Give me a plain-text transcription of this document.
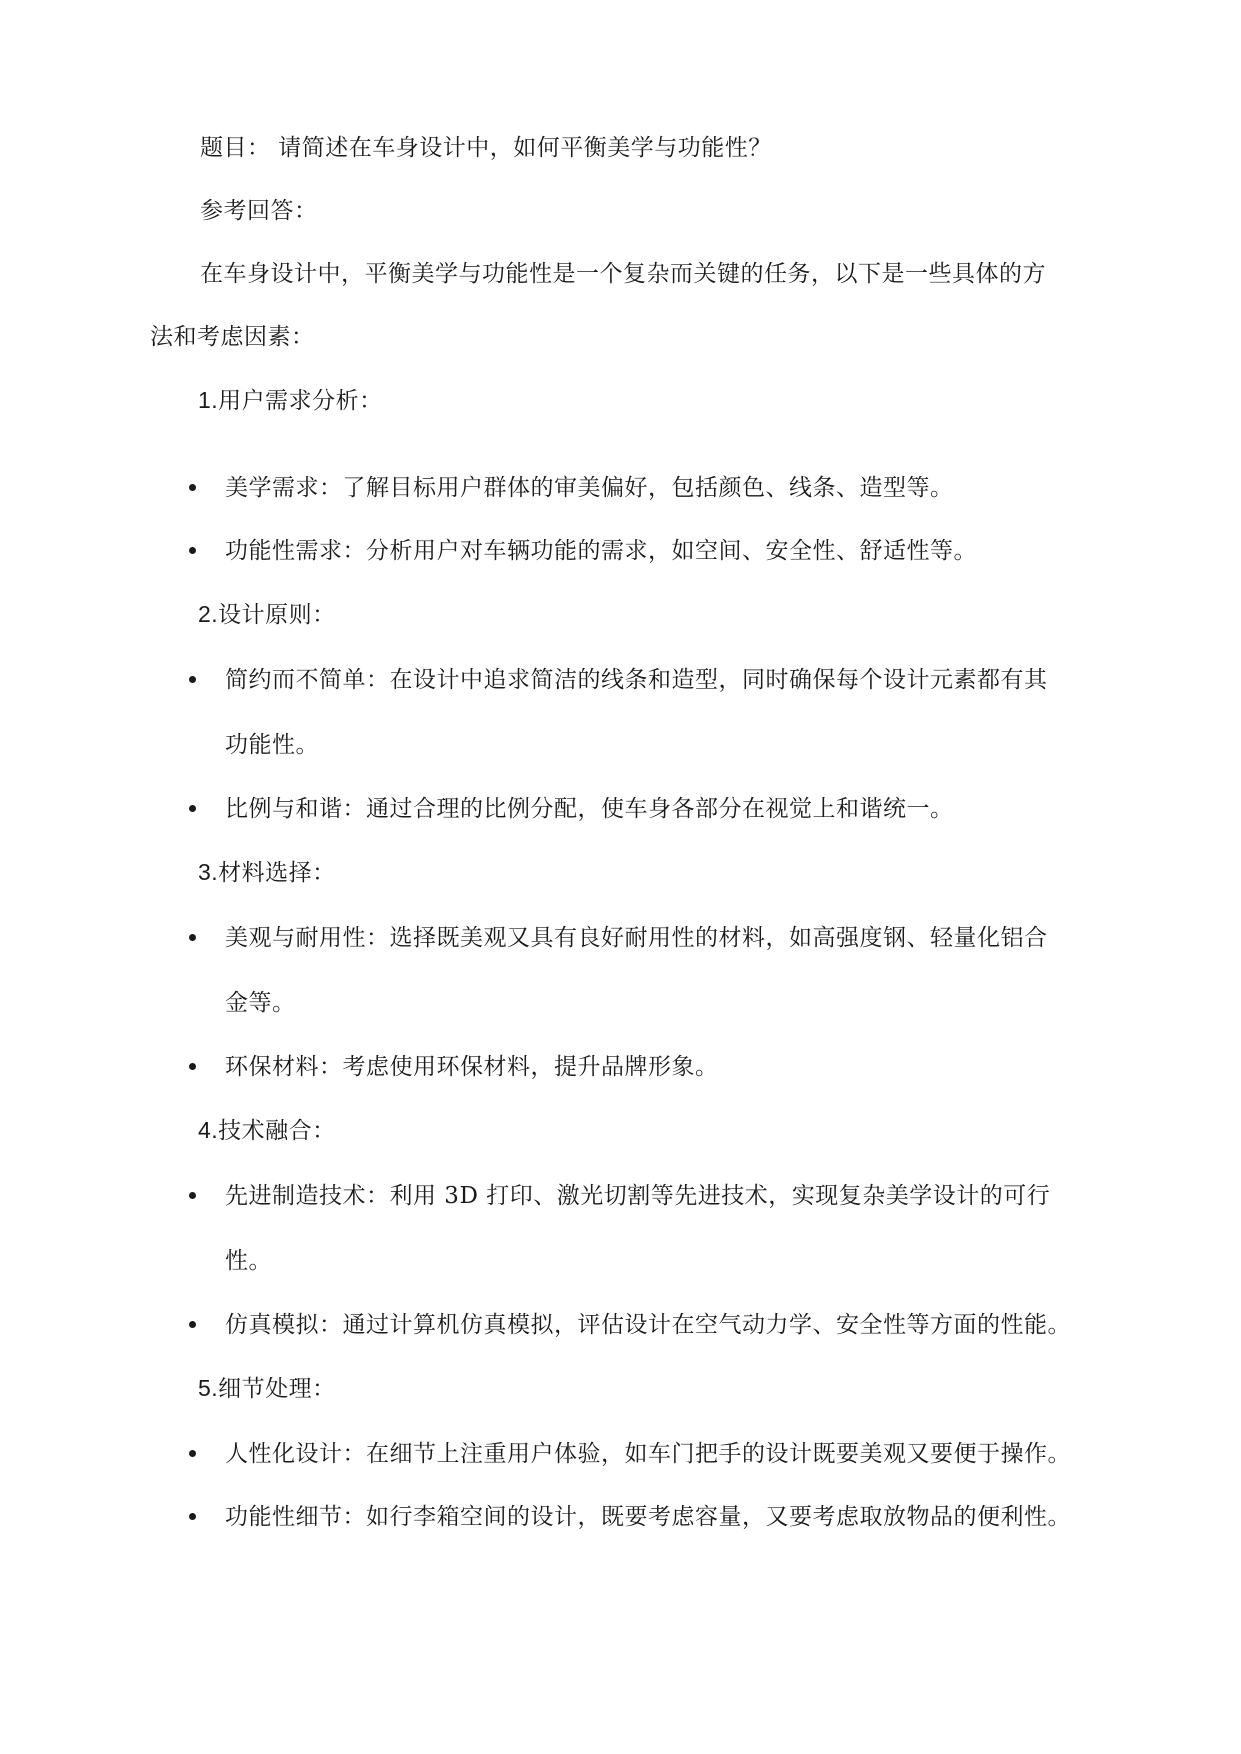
题目： 请简述在车身设计中，如何平衡美学与功能性？
参考回答：
在车身设计中，平衡美学与功能性是一个复杂而关键的任务，以下是一些具体的方
法和考虑因素：
1.用户需求分析：
美学需求：了解目标用户群体的审美偏好，包括颜色、线条、造型等。
功能性需求：分析用户对车辆功能的需求，如空间、安全性、舒适性等。
2.设计原则：
简约而不简单：在设计中追求简洁的线条和造型，同时确保每个设计元素都有其
功能性。
比例与和谐：通过合理的比例分配，使车身各部分在视觉上和谐统一。
3.材料选择：
美观与耐用性：选择既美观又具有良好耐用性的材料，如高强度钢、轻量化铝合
金等。
环保材料：考虑使用环保材料，提升品牌形象。
4.技术融合：
先进制造技术：利用 3D 打印、激光切割等先进技术，实现复杂美学设计的可行
性。
仿真模拟：通过计算机仿真模拟，评估设计在空气动力学、安全性等方面的性能。
5.细节处理：
人性化设计：在细节上注重用户体验，如车门把手的设计既要美观又要便于操作。
功能性细节：如行李箱空间的设计，既要考虑容量，又要考虑取放物品的便利性。
